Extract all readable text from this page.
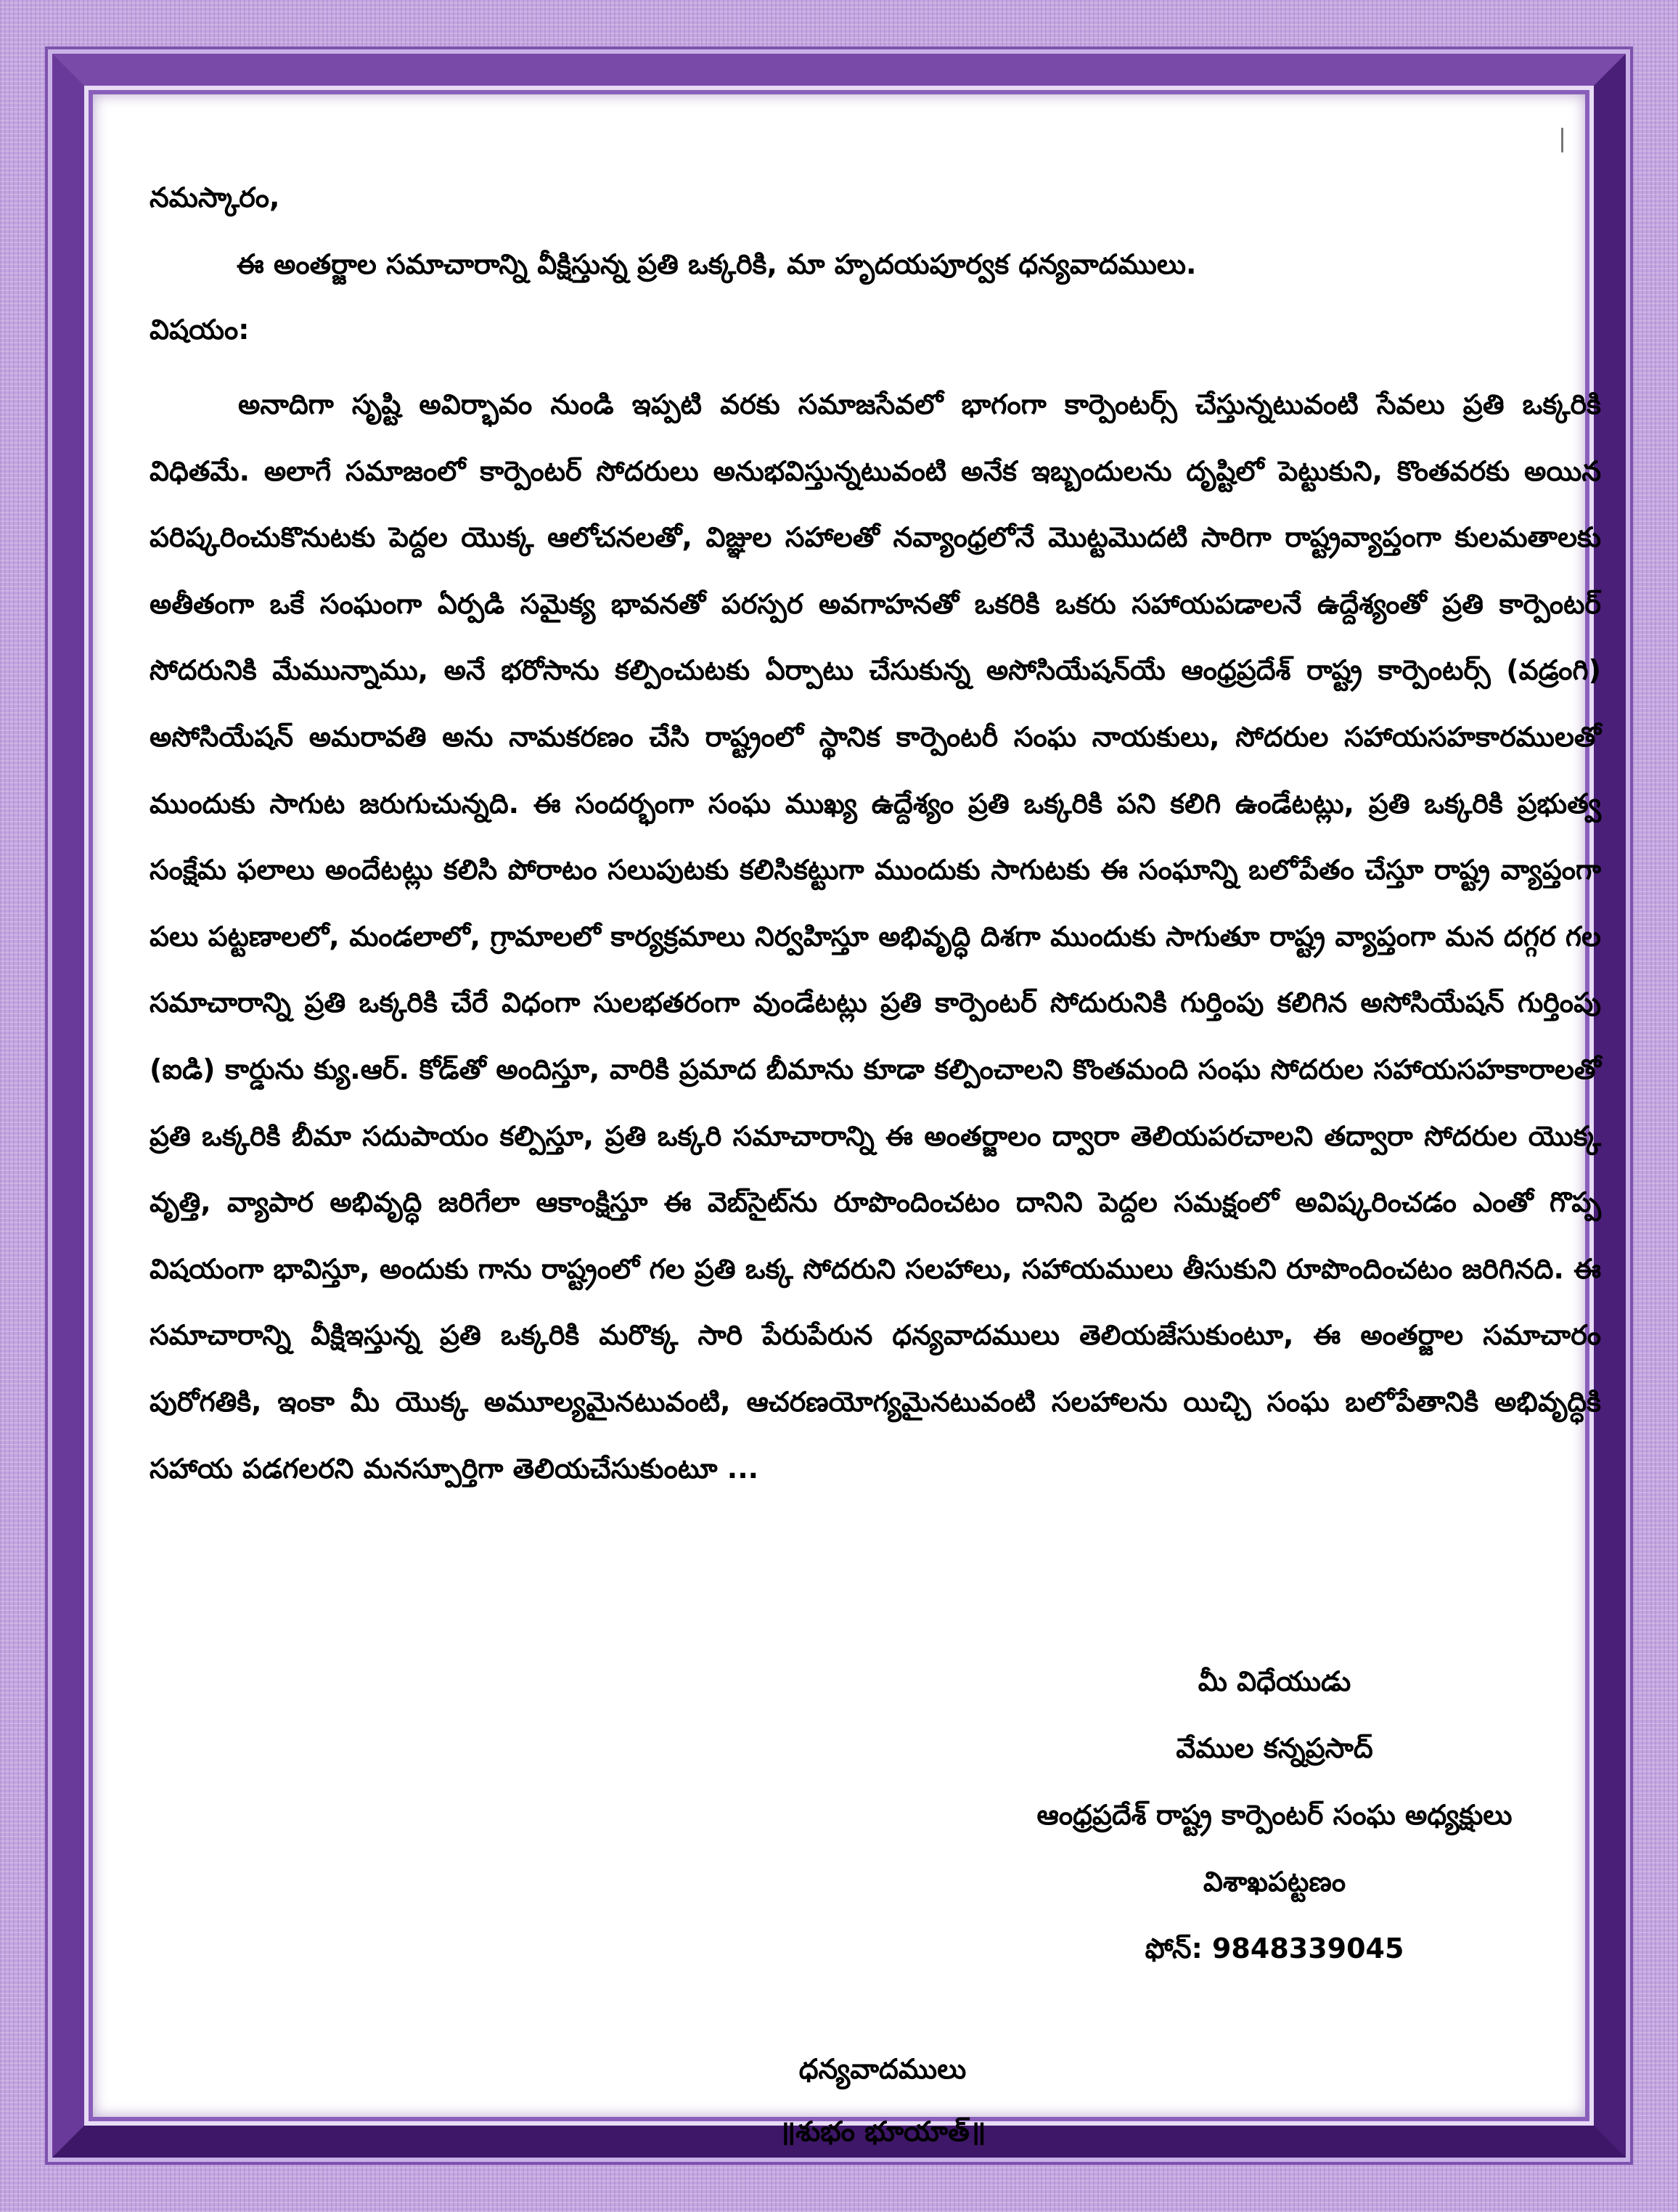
నమస్కారం,
ఈ అంతర్జాల సమాచారాన్ని వీక్షిస్తున్న ప్రతి ఒక్కరికి, మా హృదయపూర్వక ధన్యవాదములు.
విషయం:

అనాదిగా సృష్టి అవిర్భావం నుండి ఇప్పటి వరకు సమాజసేవలో భాగంగా కార్పెంటర్స్ చేస్తున్నటువంటి సేవలు ప్రతి ఒక్కరికి విధితమే. అలాగే సమాజంలో కార్పెంటర్ సోదరులు అనుభవిస్తున్నటువంటి అనేక ఇబ్బందులను దృష్టిలో పెట్టుకుని, కొంతవరకు అయిన పరిష్కరించుకొనుటకు పెద్దల యొక్క ఆలోచనలతో, విజ్ఞుల సహాలతో నవ్యాంధ్రలోనే మొట్టమొదటి సారిగా రాష్ట్రవ్యాప్తంగా కులమతాలకు అతీతంగా ఒకే సంఘంగా ఏర్పడి సమైక్య భావనతో పరస్పర అవగాహనతో ఒకరికి ఒకరు సహాయపడాలనే ఉద్దేశ్యంతో ప్రతి కార్పెంటర్ సోదరునికి మేమున్నాము, అనే భరోసాను కల్పించుటకు ఏర్పాటు చేసుకున్న అసోసియేషన్‌యే ఆంధ్రప్రదేశ్ రాష్ట్ర కార్పెంటర్స్ (వడ్రంగి) అసోసియేషన్ అమరావతి అను నామకరణం చేసి రాష్ట్రంలో స్థానిక కార్పెంటరీ సంఘ నాయకులు, సోదరుల సహాయసహకారములతో ముందుకు సాగుట జరుగుచున్నది. ఈ సందర్భంగా సంఘ ముఖ్య ఉద్దేశ్యం ప్రతి ఒక్కరికి పని కలిగి ఉండేటట్లు, ప్రతి ఒక్కరికి ప్రభుత్వ సంక్షేమ ఫలాలు అందేటట్లు కలిసి పోరాటం సలుపుటకు కలిసికట్టుగా ముందుకు సాగుటకు ఈ సంఘాన్ని బలోపేతం చేస్తూ రాష్ట్ర వ్యాప్తంగా పలు పట్టణాలలో, మండలాలో, గ్రామాలలో కార్యక్రమాలు నిర్వహిస్తూ అభివృద్ధి దిశగా ముందుకు సాగుతూ రాష్ట్ర వ్యాప్తంగా మన దగ్గర గల సమాచారాన్ని ప్రతి ఒక్కరికి చేరే విధంగా సులభతరంగా వుండేటట్లు ప్రతి కార్పెంటర్ సోదురునికి గుర్తింపు కలిగిన అసోసియేషన్ గుర్తింపు (ఐడి) కార్డును క్యు.ఆర్. కోడ్‌తో అందిస్తూ, వారికి ప్రమాద బీమాను కూడా కల్పించాలని కొంతమంది సంఘ సోదరుల సహాయసహకారాలతో ప్రతి ఒక్కరికి బీమా సదుపాయం కల్పిస్తూ, ప్రతి ఒక్కరి సమాచారాన్ని ఈ అంతర్జాలం ద్వారా తెలియపరచాలని తద్వారా సోదరుల యొక్క వృత్తి, వ్యాపార అభివృద్ధి జరిగేలా ఆకాంక్షిస్తూ ఈ వెబ్‌సైట్‌ను రూపొందించటం దానిని పెద్దల సమక్షంలో అవిష్కరించడం ఎంతో గొప్ప విషయంగా భావిస్తూ, అందుకు గాను రాష్ట్రంలో గల ప్రతి ఒక్క సోదరుని సలహాలు, సహాయములు తీసుకుని రూపొందించటం జరిగినది. ఈ సమాచారాన్ని వీక్షిఇస్తున్న ప్రతి ఒక్కరికి మరొక్క సారి పేరుపేరున ధన్యవాదములు తెలియజేసుకుంటూ, ఈ అంతర్జాల సమాచారం పురోగతికి, ఇంకా మీ యొక్క అమూల్యమైనటువంటి, ఆచరణయోగ్యమైనటువంటి సలహాలను యిచ్చి సంఘ బలోపేతానికి అభివృద్ధికి సహాయ పడగలరని మనస్పూర్తిగా తెలియచేసుకుంటూ ...

మీ విధేయుడు
వేముల కన్నప్రసాద్
ఆంధ్రప్రదేశ్ రాష్ట్ర కార్పెంటర్ సంఘ అధ్యక్షులు
విశాఖపట్టణం
ఫోన్: 9848339045
ధన్యవాదములు
॥శుభం భూయాత్॥
